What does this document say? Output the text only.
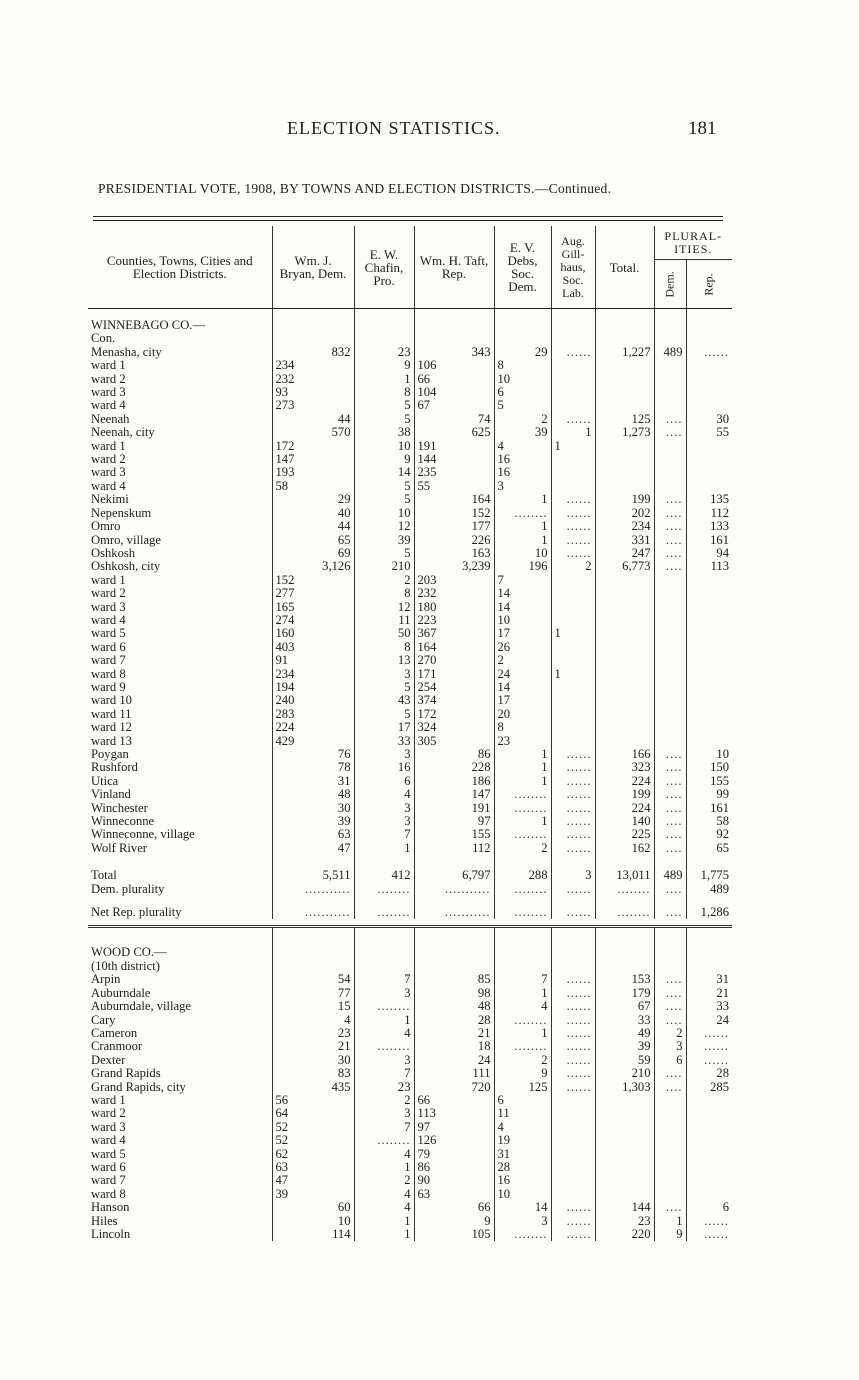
ELECTION STATISTICS.	181
PRESIDENTIAL VOTE, 1908, BY TOWNS AND ELECTION DISTRICTS.—Continued.
Counties, Towns, Cities and Election Districts.	Wm. J. Bryan, Dem.	E. W. Chafin, Pro.	Wm. H. Taft, Rep.	E. V. Debs, Soc. Dem.	Aug. Gill-haus, Soc. Lab.	Total.	PLURAL-ITIES.
Dem. Rep.	

WINNEBAGO CO.—								
Con.								
Menasha, city	832	23	343	29	......	1,227	489	......
ward 1	234	9	106	8				
ward 2	232	1	66	10				
ward 3	93	8	104	6				
ward 4	273	5	67	5				
Neenah	44	5	74	2	......	125	....	30
Neenah, city	570	38	625	39	1	1,273	....	55
ward 1	172	10	191	4	1			
ward 2	147	9	144	16				
ward 3	193	14	235	16				
ward 4	58	5	55	3				
Nekimi	29	5	164	1	......	199	....	135
Nepenskum	40	10	152	........	......	202	....	112
Omro	44	12	177	1	......	234	....	133
Omro, village	65	39	226	1	......	331	....	161
Oshkosh	69	5	163	10	......	247	....	94
Oshkosh, city	3,126	210	3,239	196	2	6,773	....	113
ward 1	152	2	203	7				
ward 2	277	8	232	14				
ward 3	165	12	180	14				
ward 4	274	11	223	10				
ward 5	160	50	367	17	1			
ward 6	403	8	164	26				
ward 7	91	13	270	2				
ward 8	234	3	171	24	1			
ward 9	194	5	254	14				
ward 10	240	43	374	17				
ward 11	283	5	172	20				
ward 12	224	17	324	8				
ward 13	429	33	305	23				
Poygan	76	3	86	1	......	166	....	10
Rushford	78	16	228	1	......	323	....	150
Utica	31	6	186	1	......	224	....	155
Vinland	48	4	147	........	......	199	....	99
Winchester	30	3	191	........	......	224	....	161
Winneconne	39	3	97	1	......	140	....	58
Winneconne, village	63	7	155	........	......	225	....	92
Wolf River	47	1	112	2	......	162	....	65

Total	5,511	412	6,797	288	3	13,011	489	1,775
Dem. plurality	...........	........	...........	........	......	........	....	489

Net Rep. plurality	...........	........	...........	........	......	........	....	1,286

WOOD CO.—								
(10th district)								
Arpin	54	7	85	7	......	153	....	31
Auburndale	77	3	98	1	......	179	....	21
Auburndale, village	15	........	48	4	......	67	....	33
Cary	4	1	28	........	......	33	....	24
Cameron	23	4	21	1	......	49	2	......
Cranmoor	21	........	18	........	......	39	3	......
Dexter	30	3	24	2	......	59	6	......
Grand Rapids	83	7	111	9	......	210	....	28
Grand Rapids, city	435	23	720	125	......	1,303	....	285
ward 1	56	2	66	6				
ward 2	64	3	113	11				
ward 3	52	7	97	4				
ward 4	52	........	126	19				
ward 5	62	4	79	31				
ward 6	63	1	86	28				
ward 7	47	2	90	16				
ward 8	39	4	63	10				
Hanson	60	4	66	14	......	144	....	6
Hiles	10	1	9	3	......	23	1	......
Lincoln	114	1	105	........	......	220	9	......
